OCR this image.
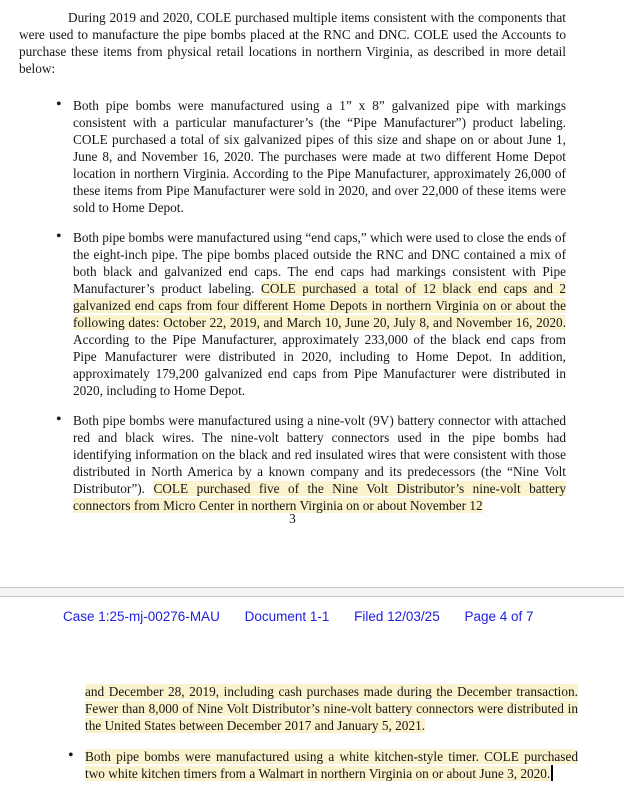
During 2019 and 2020, COLE purchased multiple items consistent with the components that were used to manufacture the pipe bombs placed at the RNC and DNC. COLE used the Accounts to purchase these items from physical retail locations in northern Virginia, as described in more detail below:

• Both pipe bombs were manufactured using a 1” x 8” galvanized pipe with markings consistent with a particular manufacturer’s (the “Pipe Manufacturer”) product labeling. COLE purchased a total of six galvanized pipes of this size and shape on or about June 1, June 8, and November 16, 2020. The purchases were made at two different Home Depot location in northern Virginia. According to the Pipe Manufacturer, approximately 26,000 of these items from Pipe Manufacturer were sold in 2020, and over 22,000 of these items were sold to Home Depot.

• Both pipe bombs were manufactured using “end caps,” which were used to close the ends of the eight-inch pipe. The pipe bombs placed outside the RNC and DNC contained a mix of both black and galvanized end caps. The end caps had markings consistent with Pipe Manufacturer’s product labeling. COLE purchased a total of 12 black end caps and 2 galvanized end caps from four different Home Depots in northern Virginia on or about the following dates: October 22, 2019, and March 10, June 20, July 8, and November 16, 2020. According to the Pipe Manufacturer, approximately 233,000 of the black end caps from Pipe Manufacturer were distributed in 2020, including to Home Depot. In addition, approximately 179,200 galvanized end caps from Pipe Manufacturer were distributed in 2020, including to Home Depot.

• Both pipe bombs were manufactured using a nine-volt (9V) battery connector with attached red and black wires. The nine-volt battery connectors used in the pipe bombs had identifying information on the black and red insulated wires that were consistent with those distributed in North America by a known company and its predecessors (the “Nine Volt Distributor”). COLE purchased five of the Nine Volt Distributor’s nine-volt battery connectors from Micro Center in northern Virginia on or about November 12

3
Case 1:25-mj-00276-MAU Document 1-1 Filed 12/03/25 Page 4 of 7

and December 28, 2019, including cash purchases made during the December transaction. Fewer than 8,000 of Nine Volt Distributor’s nine-volt battery connectors were distributed in the United States between December 2017 and January 5, 2021.

• Both pipe bombs were manufactured using a white kitchen-style timer. COLE purchased two white kitchen timers from a Walmart in northern Virginia on or about June 3, 2020.
